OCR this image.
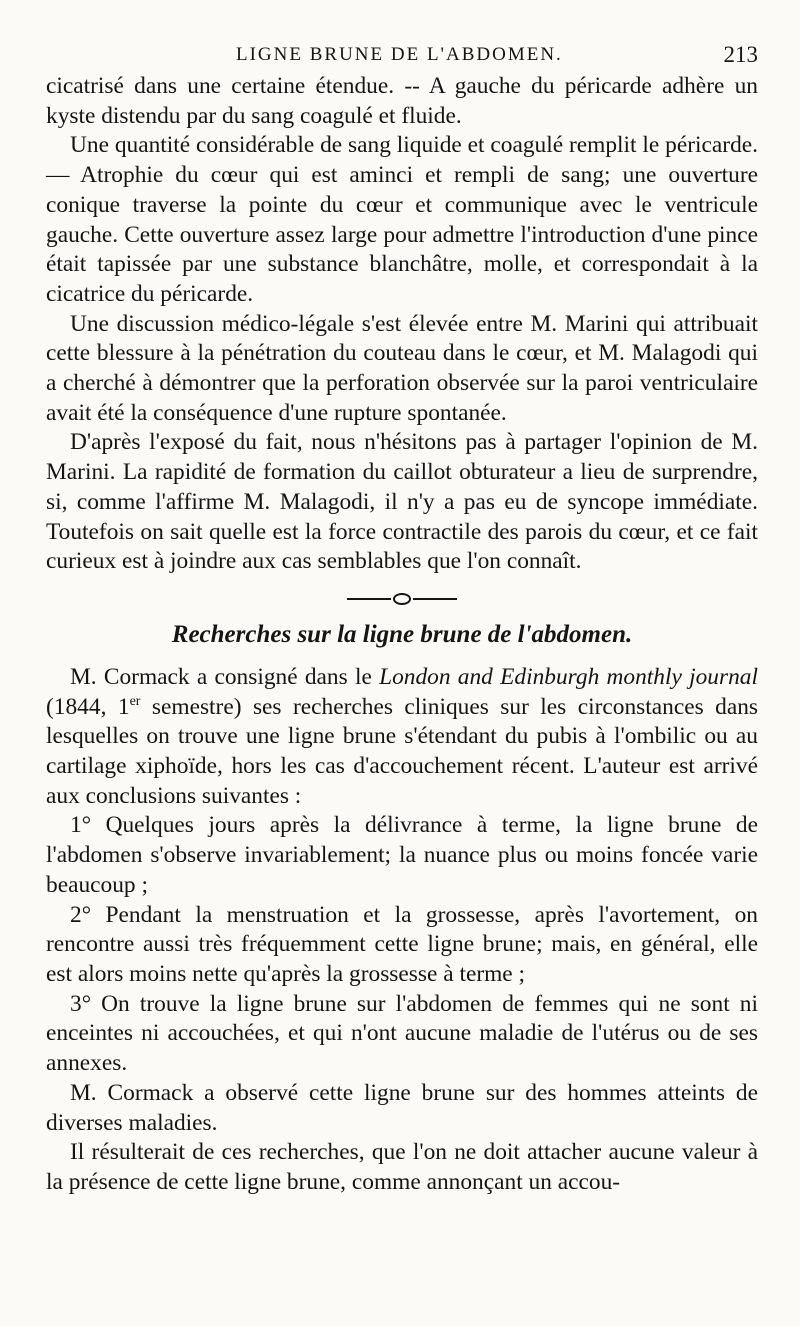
LIGNE BRUNE DE L'ABDOMEN.	213

cicatrisé dans une certaine étendue. -- A gauche du péricarde adhère un kyste distendu par du sang coagulé et fluide.

Une quantité considérable de sang liquide et coagulé remplit le péricarde. — Atrophie du cœur qui est aminci et rempli de sang; une ouverture conique traverse la pointe du cœur et communique avec le ventricule gauche. Cette ouverture assez large pour admettre l'introduction d'une pince était tapissée par une substance blanchâtre, molle, et correspondait à la cicatrice du péricarde.

Une discussion médico-légale s'est élevée entre M. Marini qui attribuait cette blessure à la pénétration du couteau dans le cœur, et M. Malagodi qui a cherché à démontrer que la perforation observée sur la paroi ventriculaire avait été la conséquence d'une rupture spontanée.

D'après l'exposé du fait, nous n'hésitons pas à partager l'opinion de M. Marini. La rapidité de formation du caillot obturateur a lieu de surprendre, si, comme l'affirme M. Malagodi, il n'y a pas eu de syncope immédiate. Toutefois on sait quelle est la force contractile des parois du cœur, et ce fait curieux est à joindre aux cas semblables que l'on connaît.

Recherches sur la ligne brune de l'abdomen.

M. Cormack a consigné dans le London and Edinburgh monthly journal (1844, 1er semestre) ses recherches cliniques sur les circonstances dans lesquelles on trouve une ligne brune s'étendant du pubis à l'ombilic ou au cartilage xiphoïde, hors les cas d'accouchement récent. L'auteur est arrivé aux conclusions suivantes :

1° Quelques jours après la délivrance à terme, la ligne brune de l'abdomen s'observe invariablement; la nuance plus ou moins foncée varie beaucoup ;

2° Pendant la menstruation et la grossesse, après l'avortement, on rencontre aussi très fréquemment cette ligne brune; mais, en général, elle est alors moins nette qu'après la grossesse à terme ;

3° On trouve la ligne brune sur l'abdomen de femmes qui ne sont ni enceintes ni accouchées, et qui n'ont aucune maladie de l'utérus ou de ses annexes.

M. Cormack a observé cette ligne brune sur des hommes atteints de diverses maladies.

Il résulterait de ces recherches, que l'on ne doit attacher aucune valeur à la présence de cette ligne brune, comme annonçant un accou-
